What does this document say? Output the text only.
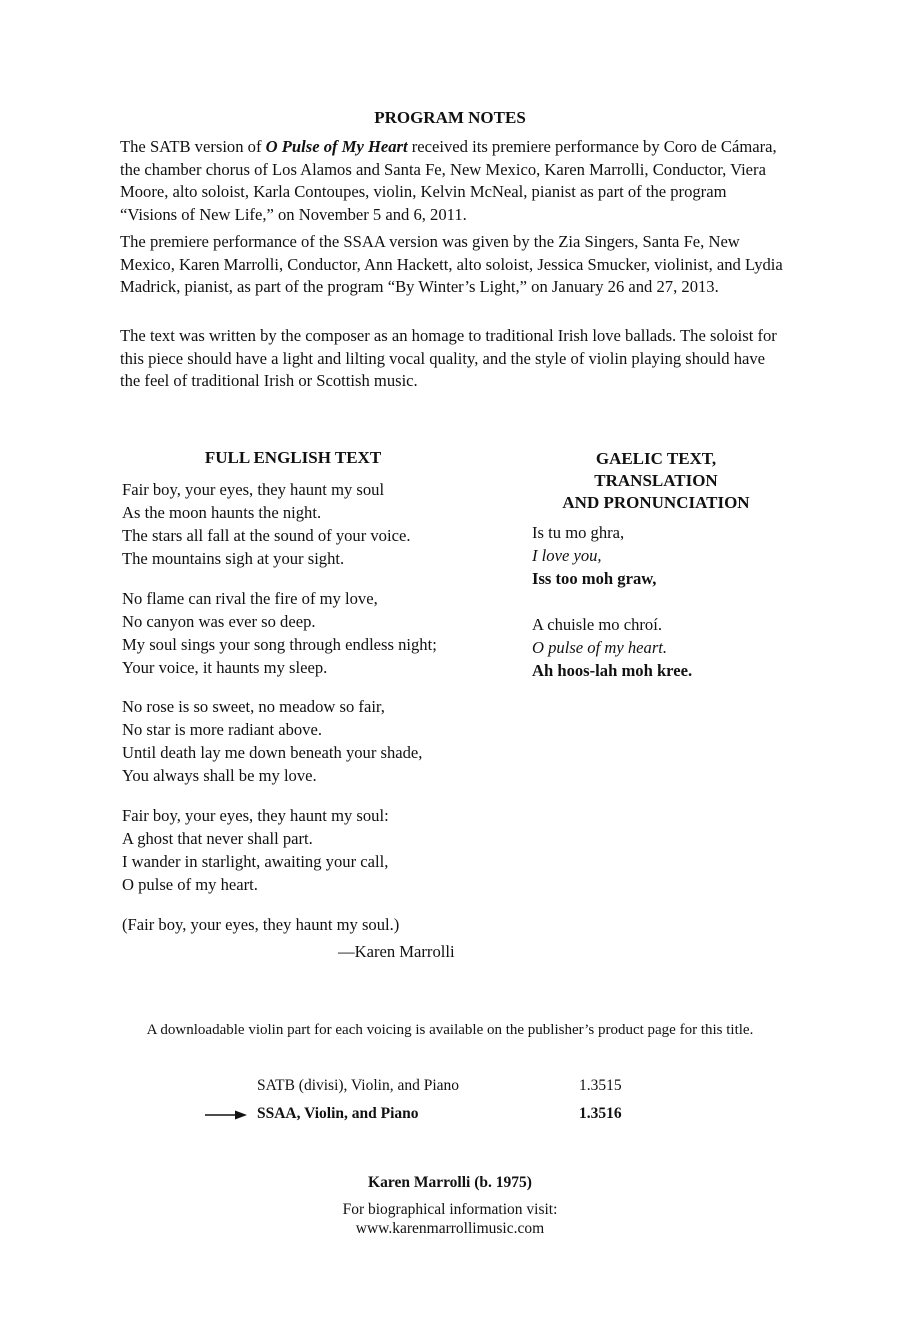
PROGRAM NOTES

The SATB version of O Pulse of My Heart received its premiere performance by Coro de Cámara, the chamber chorus of Los Alamos and Santa Fe, New Mexico, Karen Marrolli, Conductor, Viera Moore, alto soloist, Karla Contoupes, violin, Kelvin McNeal, pianist as part of the program “Visions of New Life,” on November 5 and 6, 2011.

The premiere performance of the SSAA version was given by the Zia Singers, Santa Fe, New Mexico, Karen Marrolli, Conductor, Ann Hackett, alto soloist, Jessica Smucker, violinist, and Lydia Madrick, pianist, as part of the program “By Winter’s Light,” on January 26 and 27, 2013.

The text was written by the composer as an homage to traditional Irish love ballads. The soloist for this piece should have a light and lilting vocal quality, and the style of violin playing should have the feel of traditional Irish or Scottish music.

FULL ENGLISH TEXT
Fair boy, your eyes, they haunt my soul
As the moon haunts the night.
The stars all fall at the sound of your voice.
The mountains sigh at your sight.
No flame can rival the fire of my love,
No canyon was ever so deep.
My soul sings your song through endless night;
Your voice, it haunts my sleep.
No rose is so sweet, no meadow so fair,
No star is more radiant above.
Until death lay me down beneath your shade,
You always shall be my love.
Fair boy, your eyes, they haunt my soul:
A ghost that never shall part.
I wander in starlight, awaiting your call,
O pulse of my heart.
(Fair boy, your eyes, they haunt my soul.)
—Karen Marrolli
GAELIC TEXT,
TRANSLATION
AND PRONUNCIATION
Is tu mo ghra,
I love you,
Iss too moh graw,
A chuisle mo chroí.
O pulse of my heart.
Ah hoos-lah moh kree.
A downloadable violin part for each voicing is available on the publisher’s product page for this title.
SATB (divisi), Violin, and Piano	1.3515
SSAA, Violin, and Piano	1.3516
Karen Marrolli (b. 1975)
For biographical information visit:
www.karenmarrollimusic.com
